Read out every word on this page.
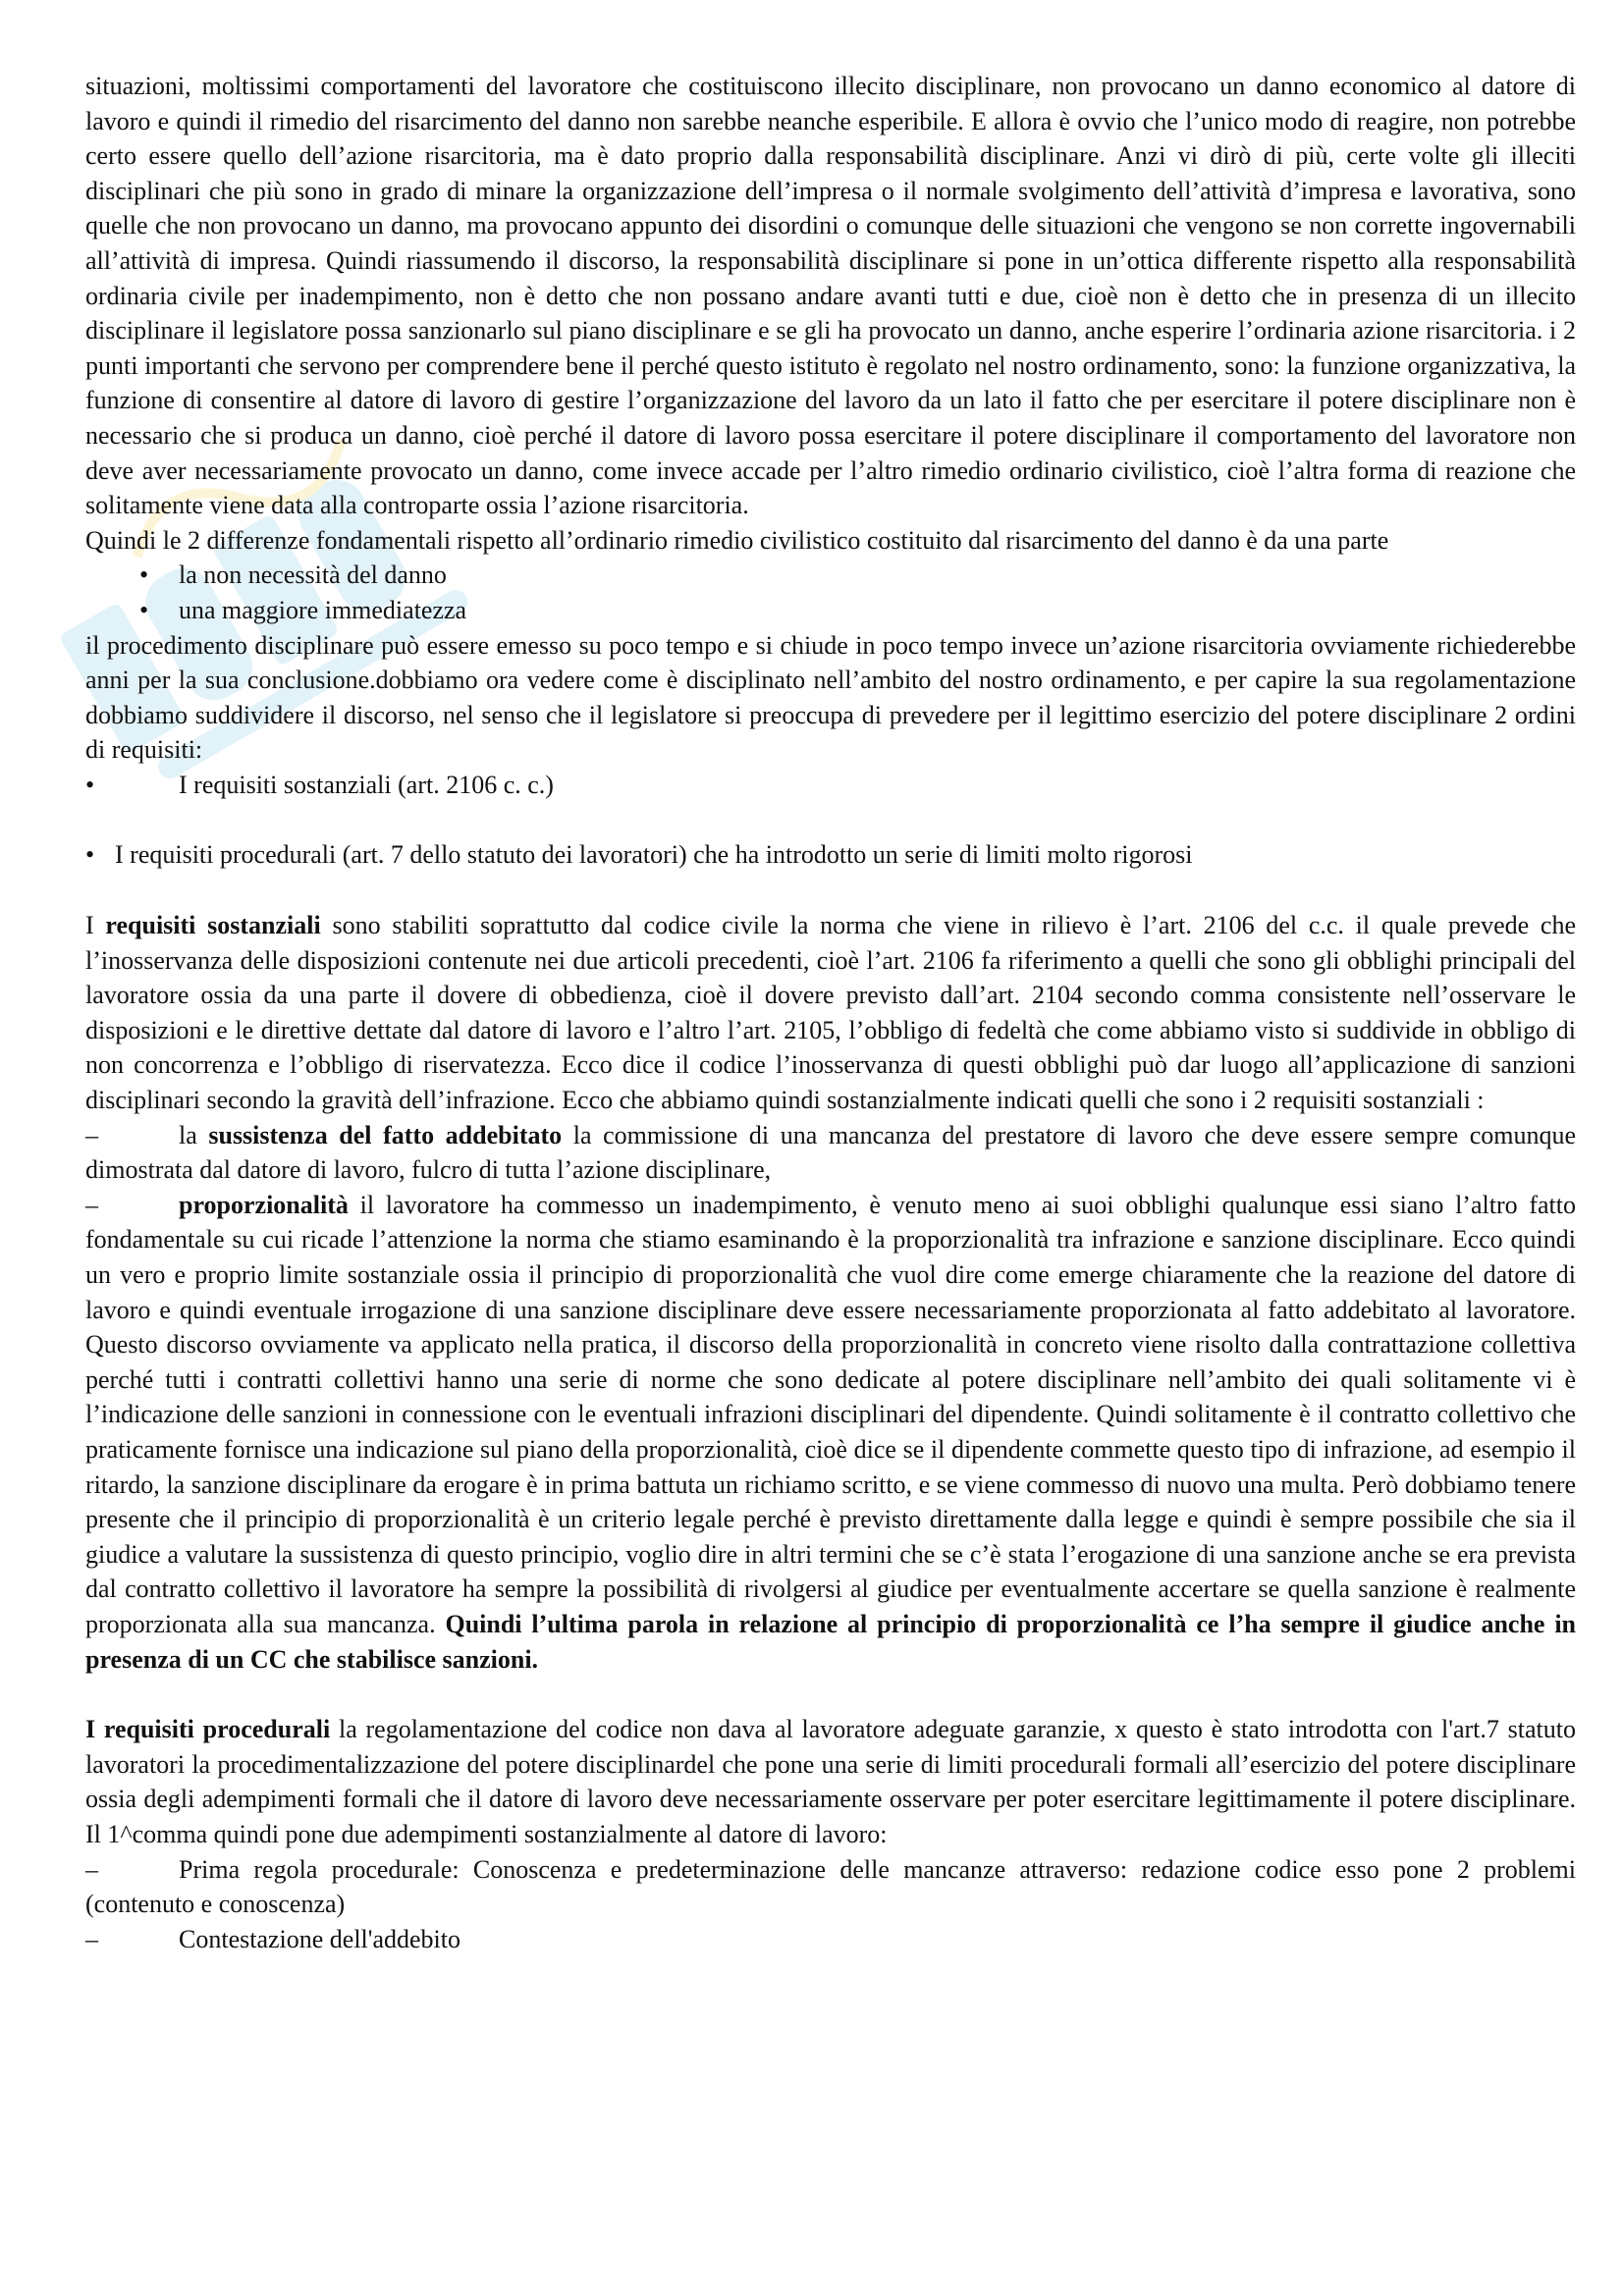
situazioni, moltissimi comportamenti del lavoratore che costituiscono illecito disciplinare, non provocano un danno economico al datore di lavoro e quindi il rimedio del risarcimento del danno non sarebbe neanche esperibile. E allora è ovvio che l’unico modo di reagire, non potrebbe certo essere quello dell’azione risarcitoria, ma è dato proprio dalla responsabilità disciplinare. Anzi vi dirò di più, certe volte gli illeciti disciplinari che più sono in grado di minare la organizzazione dell’impresa o il normale svolgimento dell’attività d’impresa e lavorativa, sono quelle che non provocano un danno, ma provocano appunto dei disordini o comunque delle situazioni che vengono se non corrette ingovernabili all’attività di impresa. Quindi riassumendo il discorso, la responsabilità disciplinare si pone in un’ottica differente rispetto alla responsabilità ordinaria civile per inadempimento, non è detto che non possano andare avanti tutti e due, cioè non è detto che in presenza di un illecito disciplinare il legislatore possa sanzionarlo sul piano disciplinare e se gli ha provocato un danno, anche esperire l’ordinaria azione risarcitoria. i 2 punti importanti che servono per comprendere bene il perché questo istituto è regolato nel nostro ordinamento, sono: la funzione organizzativa, la funzione di consentire al datore di lavoro di gestire l’organizzazione del lavoro da un lato il fatto che per esercitare il potere disciplinare non è necessario che si produca un danno, cioè perché il datore di lavoro possa esercitare il potere disciplinare il comportamento del lavoratore non deve aver necessariamente provocato un danno, come invece accade per l’altro rimedio ordinario civilistico, cioè l’altra forma di reazione che solitamente viene data alla controparte ossia l’azione risarcitoria.

Quindi le 2 differenze fondamentali rispetto all’ordinario rimedio civilistico costituito dal risarcimento del danno è da una parte

• la non necessità del danno
• una maggiore immediatezza

il procedimento disciplinare può essere emesso su poco tempo e si chiude in poco tempo invece un’azione risarcitoria ovviamente richiederebbe anni per la sua conclusione.dobbiamo ora vedere come è disciplinato nell’ambito del nostro ordinamento, e per capire la sua regolamentazione dobbiamo suddividere il discorso, nel senso che il legislatore si preoccupa di prevedere per il legittimo esercizio del potere disciplinare 2 ordini di requisiti:

• I requisiti sostanziali (art. 2106 c. c.)

• I requisiti procedurali (art. 7 dello statuto dei lavoratori) che ha introdotto un serie di limiti molto rigorosi

I requisiti sostanziali sono stabiliti soprattutto dal codice civile la norma che viene in rilievo è l’art. 2106 del c.c. il quale prevede che l’inosservanza delle disposizioni contenute nei due articoli precedenti, cioè l’art. 2106 fa riferimento a quelli che sono gli obblighi principali del lavoratore ossia da una parte il dovere di obbedienza, cioè il dovere previsto dall’art. 2104 secondo comma consistente nell’osservare le disposizioni e le direttive dettate dal datore di lavoro e l’altro l’art. 2105, l’obbligo di fedeltà che come abbiamo visto si suddivide in obbligo di non concorrenza e l’obbligo di riservatezza. Ecco dice il codice l’inosservanza di questi obblighi può dar luogo all’applicazione di sanzioni disciplinari secondo la gravità dell’infrazione. Ecco che abbiamo quindi sostanzialmente indicati quelli che sono i 2 requisiti sostanziali :

–	la sussistenza del fatto addebitato la commissione di una mancanza del prestatore di lavoro che deve essere sempre comunque dimostrata dal datore di lavoro, fulcro di tutta l’azione disciplinare,

–	proporzionalità il lavoratore ha commesso un inadempimento, è venuto meno ai suoi obblighi qualunque essi siano l’altro fatto fondamentale su cui ricade l’attenzione la norma che stiamo esaminando è la proporzionalità tra infrazione e sanzione disciplinare. Ecco quindi un vero e proprio limite sostanziale ossia il principio di proporzionalità che vuol dire come emerge chiaramente che la reazione del datore di lavoro e quindi eventuale irrogazione di una sanzione disciplinare deve essere necessariamente proporzionata al fatto addebitato al lavoratore. Questo discorso ovviamente va applicato nella pratica, il discorso della proporzionalità in concreto viene risolto dalla contrattazione collettiva perché tutti i contratti collettivi hanno una serie di norme che sono dedicate al potere disciplinare nell’ambito dei quali solitamente vi è l’indicazione delle sanzioni in connessione con le eventuali infrazioni disciplinari del dipendente. Quindi solitamente è il contratto collettivo che praticamente fornisce una indicazione sul piano della proporzionalità, cioè dice se il dipendente commette questo tipo di infrazione, ad esempio il ritardo, la sanzione disciplinare da erogare è in prima battuta un richiamo scritto, e se viene commesso di nuovo una multa. Però dobbiamo tenere presente che il principio di proporzionalità è un criterio legale perché è previsto direttamente dalla legge e quindi è sempre possibile che sia il giudice a valutare la sussistenza di questo principio, voglio dire in altri termini che se c’è stata l’erogazione di una sanzione anche se era prevista dal contratto collettivo il lavoratore ha sempre la possibilità di rivolgersi al giudice per eventualmente accertare se quella sanzione è realmente proporzionata alla sua mancanza. Quindi l’ultima parola in relazione al principio di proporzionalità ce l’ha sempre il giudice anche in presenza di un CC che stabilisce sanzioni.

I requisiti procedurali la regolamentazione del codice non dava al lavoratore adeguate garanzie, x questo è stato introdotta con l'art.7 statuto lavoratori la procedimentalizzazione del potere disciplinardel che pone una serie di limiti procedurali formali all’esercizio del potere disciplinare ossia degli adempimenti formali che il datore di lavoro deve necessariamente osservare per poter esercitare legittimamente il potere disciplinare. Il 1^comma quindi pone due adempimenti sostanzialmente al datore di lavoro:

–	Prima regola procedurale: Conoscenza e predeterminazione delle mancanze attraverso: redazione codice esso pone 2 problemi (contenuto e conoscenza)

–	Contestazione dell'addebito
